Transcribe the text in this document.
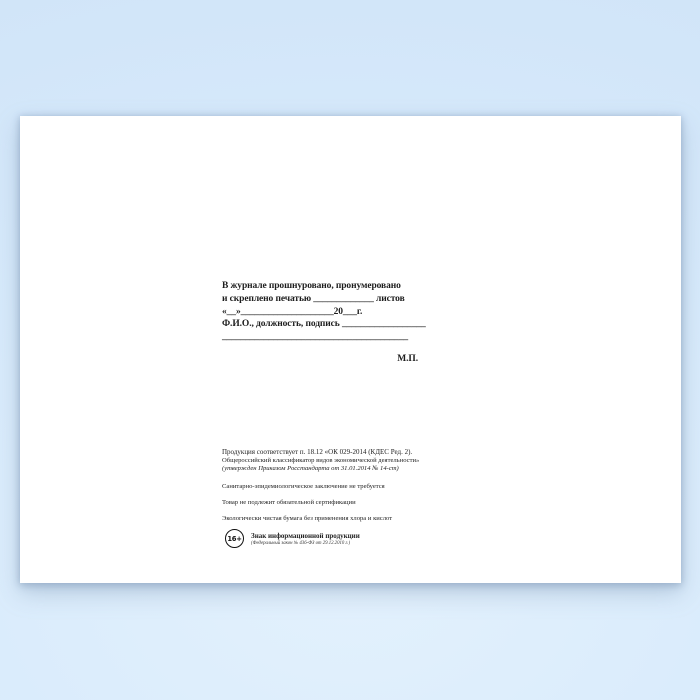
В журнале прошнуровано, пронумеровано
и скреплено печатью _____________ листов
«__»____________________20___г.
Ф.И.О., должность, подпись __________________
________________________________________
М.П.

Продукция соответствует п. 18.12 «ОК 029-2014 (КДЕС Ред. 2).

Общероссийский классификатор видов экономической деятельности»

(утвержден Приказом Росстандарта от 31.01.2014 № 14-ст)

Санитарно-эпидемиологическое заключение не требуется

Товар не подлежит обязательной сертификации

Экологически чистая бумага без применения хлора и кислот

16+ Знак информационной продукции
(Федеральный закон № 436-ФЗ от 29.12.2010 г.)
